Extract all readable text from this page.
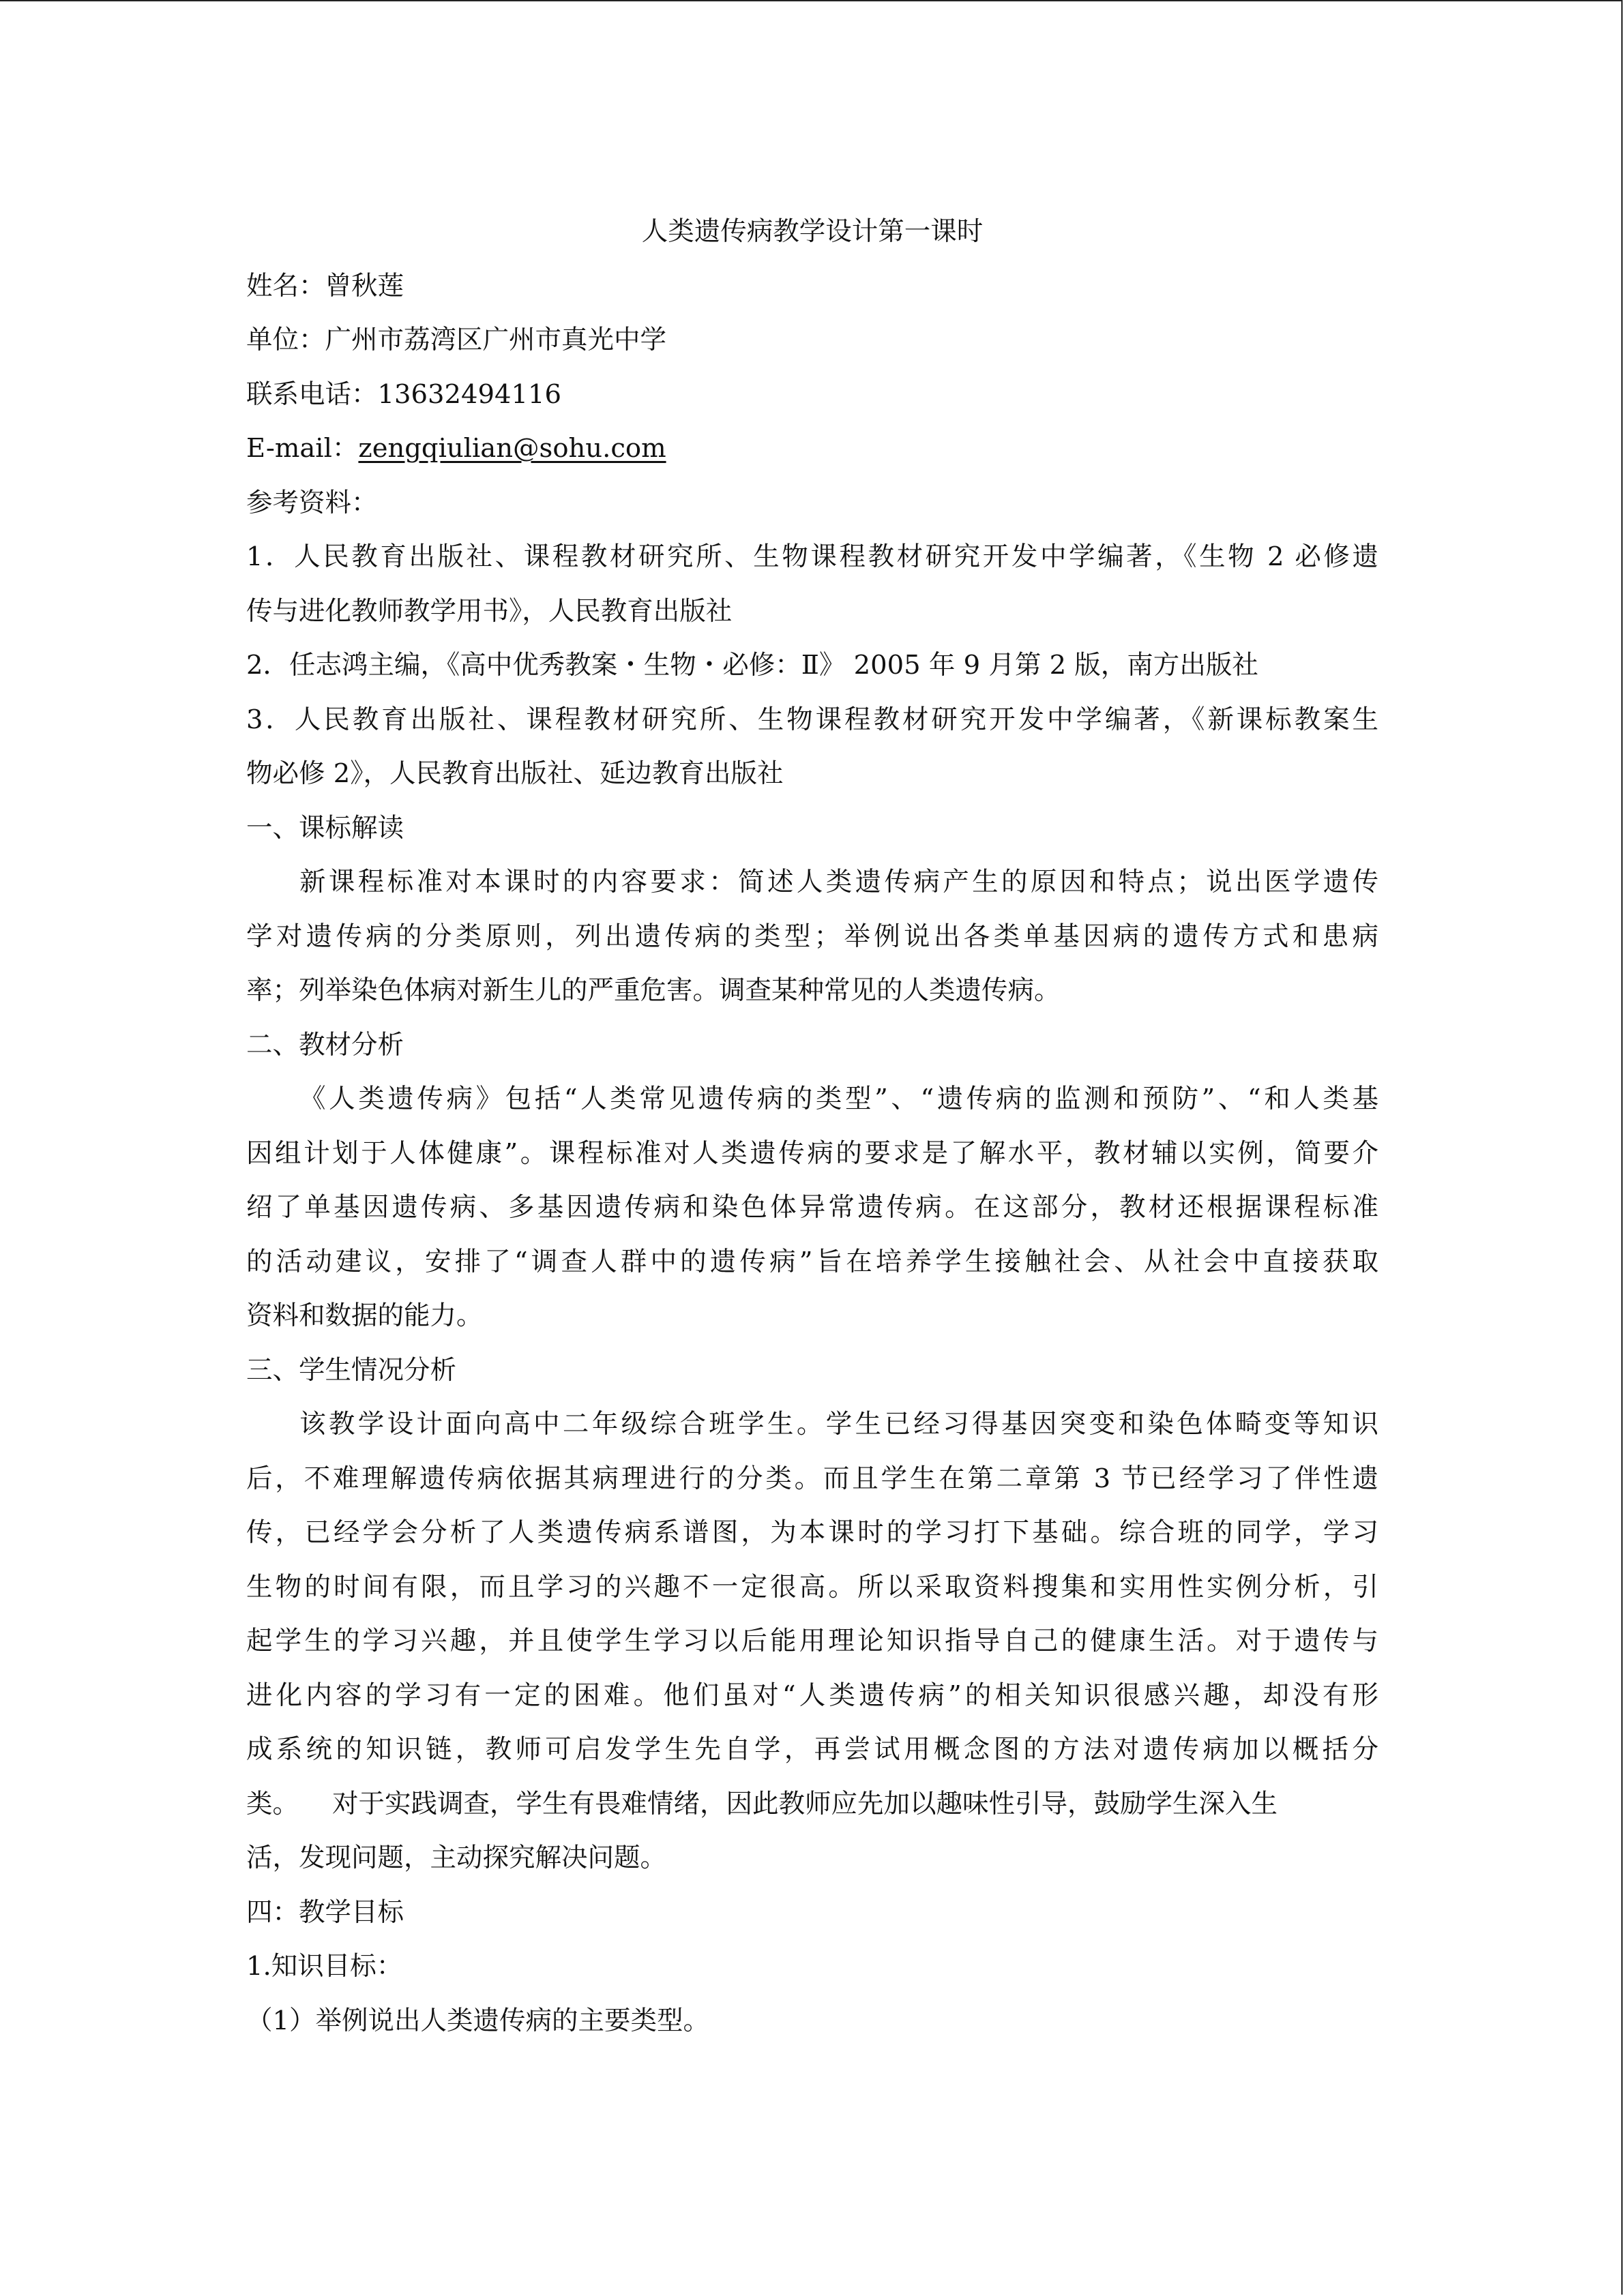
人类遗传病教学设计第一课时
姓名：曾秋莲
单位：广州市荔湾区广州市真光中学
联系电话：13632494116
E-mail：zengqiulian@sohu.com
参考资料：
1．人民教育出版社、课程教材研究所、生物课程教材研究开发中学编著，《生物 2 必修遗
传与进化教师教学用书》，人民教育出版社
2．任志鸿主编，《高中优秀教案・生物・必修：Ⅱ》 2005 年 9 月第 2 版，南方出版社
3．人民教育出版社、课程教材研究所、生物课程教材研究开发中学编著，《新课标教案生
物必修 2》，人民教育出版社、延边教育出版社
一、课标解读
新课程标准对本课时的内容要求：简述人类遗传病产生的原因和特点；说出医学遗传
学对遗传病的分类原则，列出遗传病的类型；举例说出各类单基因病的遗传方式和患病
率；列举染色体病对新生儿的严重危害。调查某种常见的人类遗传病。
二、教材分析
《人类遗传病》包括“人类常见遗传病的类型”、“遗传病的监测和预防”、“和人类基
因组计划于人体健康”。课程标准对人类遗传病的要求是了解水平，教材辅以实例，简要介
绍了单基因遗传病、多基因遗传病和染色体异常遗传病。在这部分，教材还根据课程标准
的活动建议，安排了“调查人群中的遗传病”旨在培养学生接触社会、从社会中直接获取
资料和数据的能力。
三、学生情况分析
该教学设计面向高中二年级综合班学生。学生已经习得基因突变和染色体畸变等知识
后，不难理解遗传病依据其病理进行的分类。而且学生在第二章第 3 节已经学习了伴性遗
传，已经学会分析了人类遗传病系谱图，为本课时的学习打下基础。综合班的同学，学习
生物的时间有限，而且学习的兴趣不一定很高。所以采取资料搜集和实用性实例分析，引
起学生的学习兴趣，并且使学生学习以后能用理论知识指导自己的健康生活。对于遗传与
进化内容的学习有一定的困难。他们虽对“人类遗传病”的相关知识很感兴趣，却没有形
成系统的知识链，教师可启发学生先自学，再尝试用概念图的方法对遗传病加以概括分
类。    对于实践调查，学生有畏难情绪，因此教师应先加以趣味性引导，鼓励学生深入生
活，发现问题，主动探究解决问题。
四：教学目标
1.知识目标：
（1）举例说出人类遗传病的主要类型。
